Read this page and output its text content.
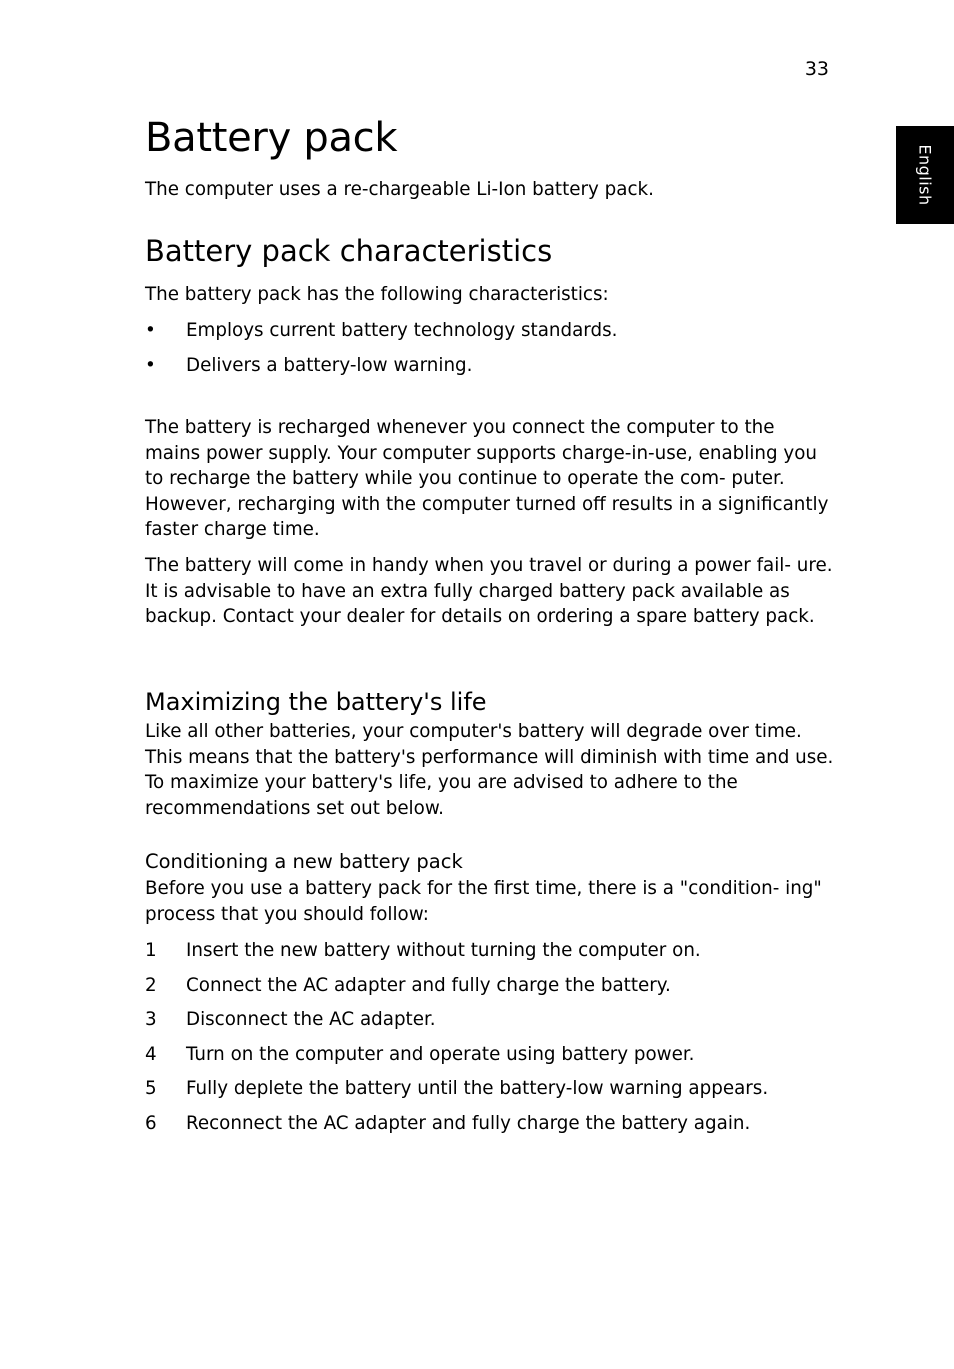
33
English
Battery pack

The computer uses a re-chargeable Li-Ion battery pack.

Battery pack characteristics

The battery pack has the following characteristics:

• Employs current battery technology standards.
• Delivers a battery-low warning.

The battery is recharged whenever you connect the computer to the mains power supply. Your computer supports charge-in-use, enabling you to recharge the battery while you continue to operate the com- puter. However, recharging with the computer turned off results in a significantly faster charge time.

The battery will come in handy when you travel or during a power fail- ure. It is advisable to have an extra fully charged battery pack available as backup. Contact your dealer for details on ordering a spare battery pack.

Maximizing the battery's life

Like all other batteries, your computer's battery will degrade over time. This means that the battery's performance will diminish with time and use. To maximize your battery's life, you are advised to adhere to the recommendations set out below.

Conditioning a new battery pack

Before you use a battery pack for the first time, there is a "condition- ing" process that you should follow:

1 Insert the new battery without turning the computer on.
2 Connect the AC adapter and fully charge the battery.
3 Disconnect the AC adapter.
4 Turn on the computer and operate using battery power.
5 Fully deplete the battery until the battery-low warning appears.
6 Reconnect the AC adapter and fully charge the battery again.
